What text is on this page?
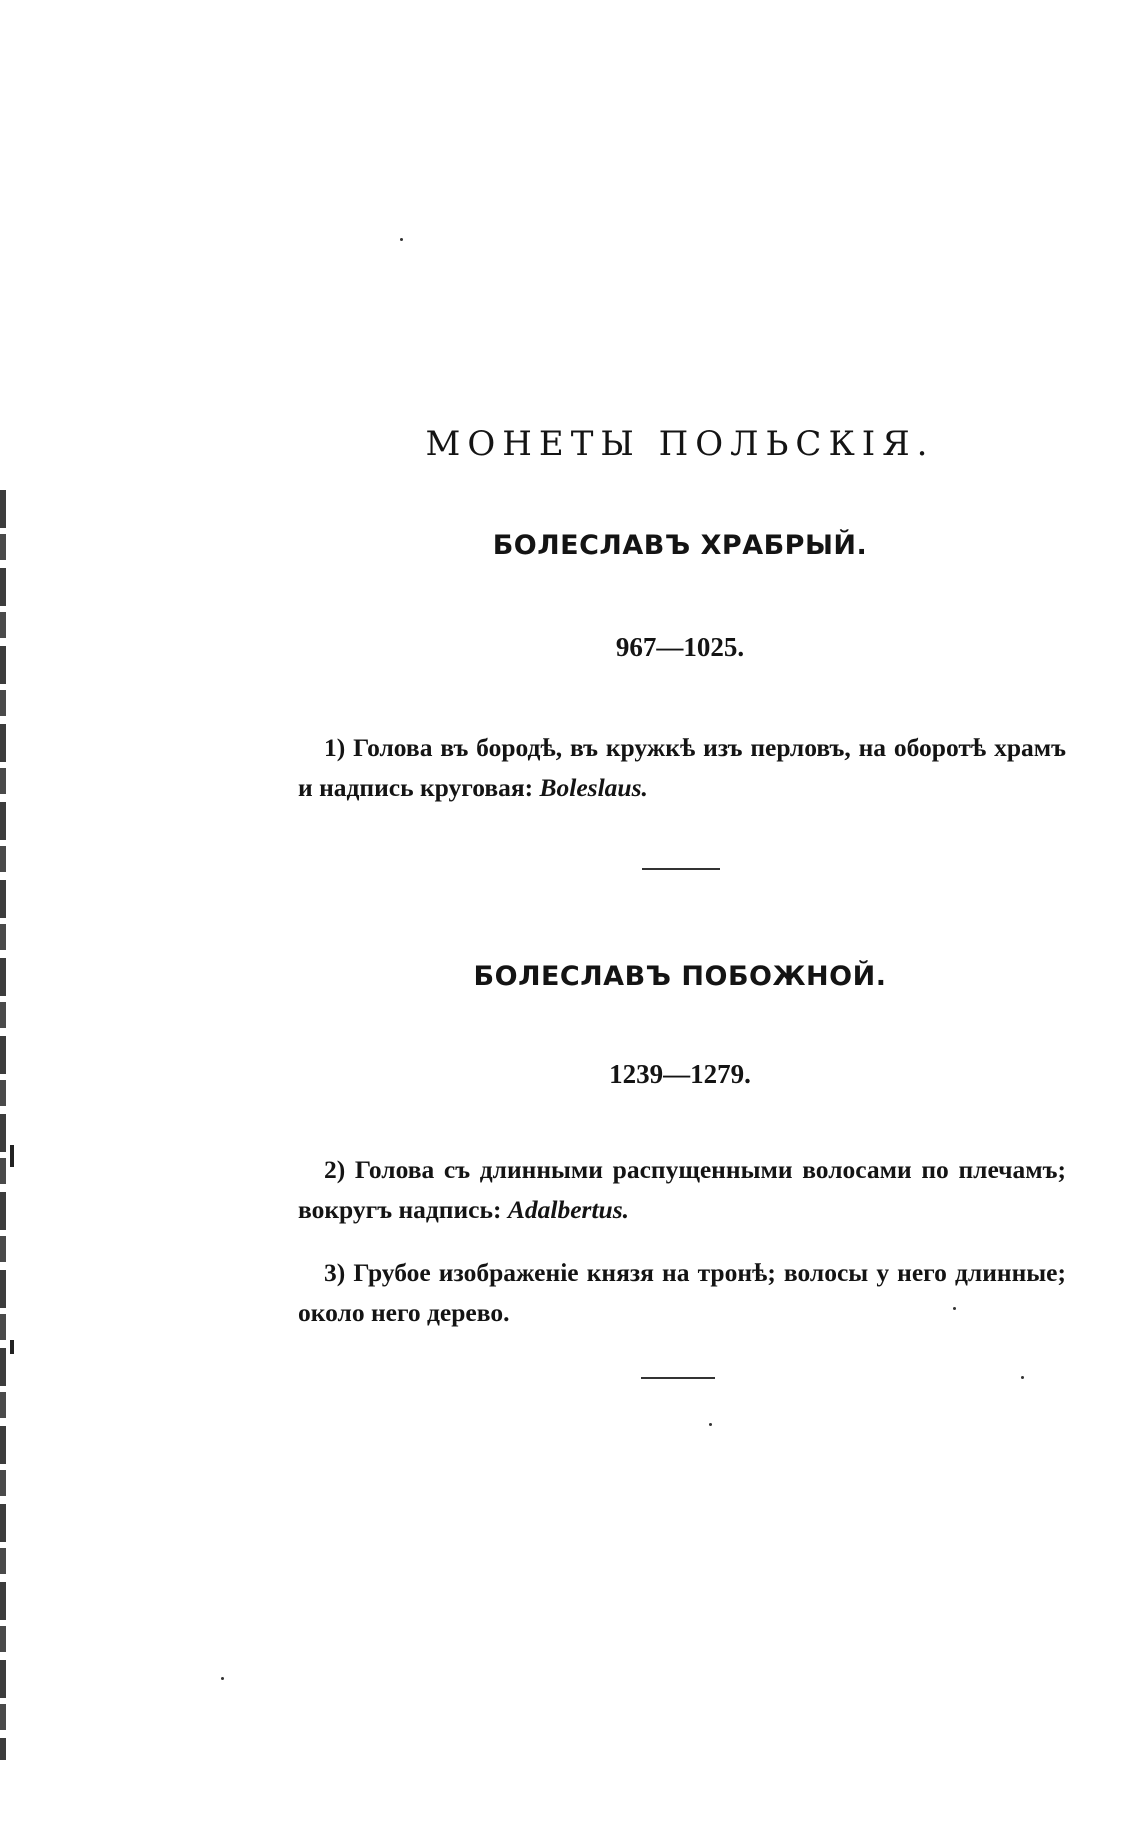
МОНЕТЫ ПОЛЬСКІЯ.
БОЛЕСЛАВЪ ХРАБРЫЙ.
967—1025.

1) Голова въ бородѣ, въ кружкѣ изъ перловъ, на оборотѣ храмъ и надпись круговая: Boleslaus.

БОЛЕСЛАВЪ ПОБОЖНОЙ.
1239—1279.

2) Голова съ длинными распущенными волосами по плечамъ; вокругъ надпись: Adalbertus.

3) Грубое изображеніе князя на тронѣ; волосы у него длинные; около него дерево.
